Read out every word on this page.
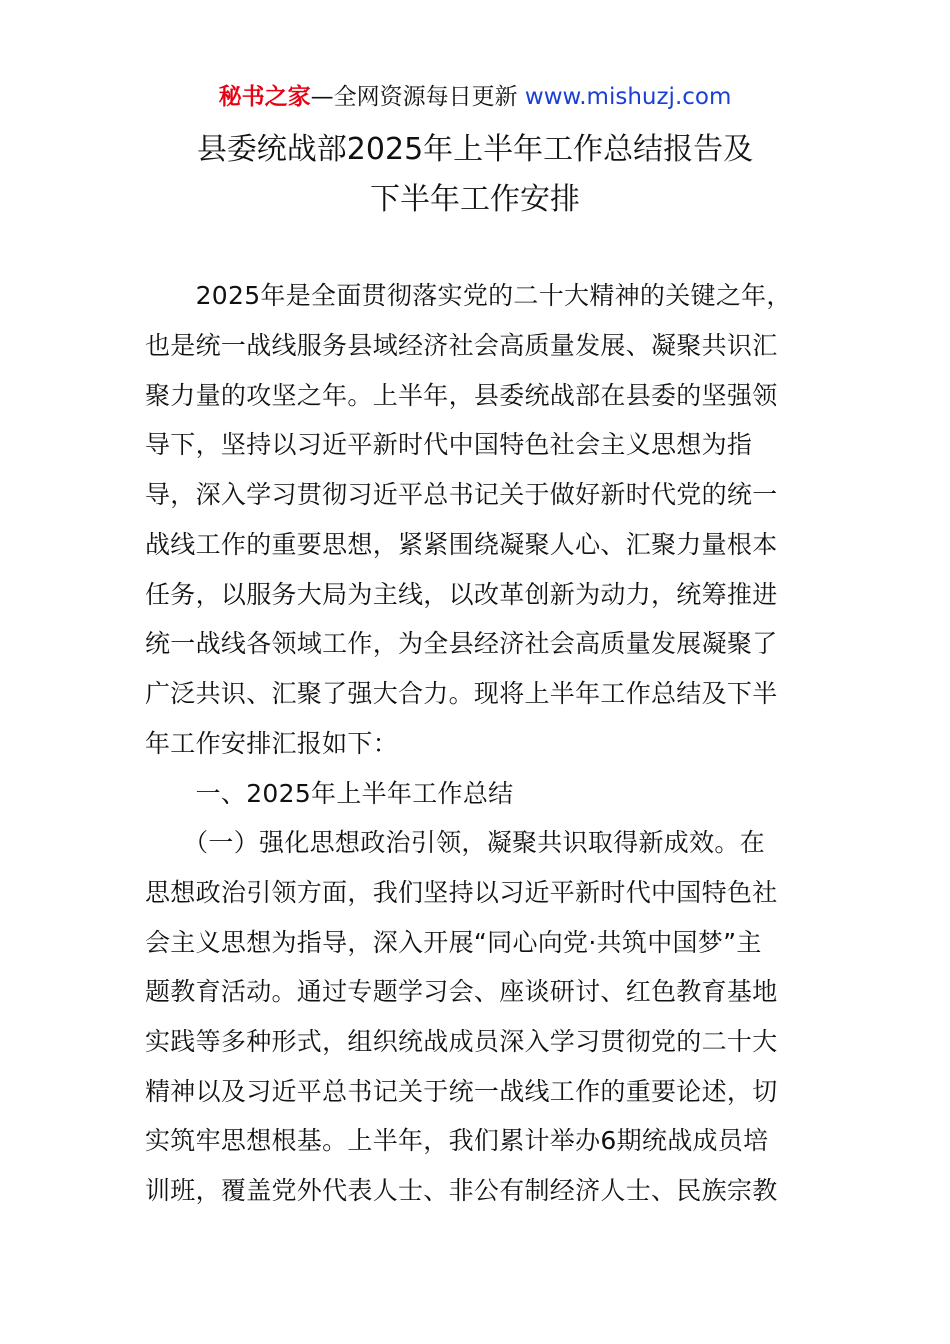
秘书之家—全网资源每日更新 www.mishuzj.com
县委统战部2025年上半年工作总结报告及
下半年工作安排
　　2025年是全面贯彻落实党的二十大精神的关键之年，
也是统一战线服务县域经济社会高质量发展、凝聚共识汇
聚力量的攻坚之年。上半年，县委统战部在县委的坚强领
导下，坚持以习近平新时代中国特色社会主义思想为指
导，深入学习贯彻习近平总书记关于做好新时代党的统一
战线工作的重要思想，紧紧围绕凝聚人心、汇聚力量根本
任务，以服务大局为主线，以改革创新为动力，统筹推进
统一战线各领域工作，为全县经济社会高质量发展凝聚了
广泛共识、汇聚了强大合力。现将上半年工作总结及下半
年工作安排汇报如下：
　　一、2025年上半年工作总结
　　（一）强化思想政治引领，凝聚共识取得新成效。在
思想政治引领方面，我们坚持以习近平新时代中国特色社
会主义思想为指导，深入开展“同心向党·共筑中国梦”主
题教育活动。通过专题学习会、座谈研讨、红色教育基地
实践等多种形式，组织统战成员深入学习贯彻党的二十大
精神以及习近平总书记关于统一战线工作的重要论述，切
实筑牢思想根基。上半年，我们累计举办6期统战成员培
训班，覆盖党外代表人士、非公有制经济人士、民族宗教
